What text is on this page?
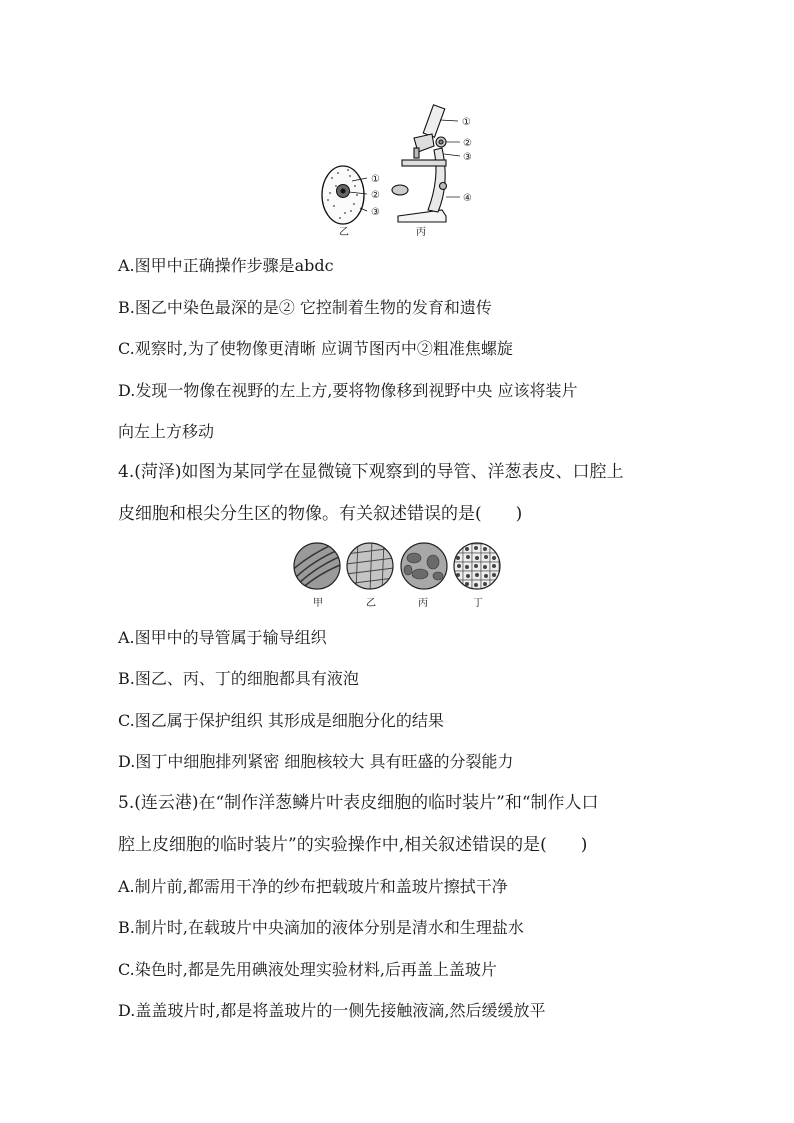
①
②
③
乙
①
②
③
④
丙
A.图甲中正确操作步骤是abdc
B.图乙中染色最深的是② 它控制着生物的发育和遗传
C.观察时,为了使物像更清晰 应调节图丙中②粗准焦螺旋
D.发现一物像在视野的左上方,要将物像移到视野中央 应该将装片
向左上方移动
4.(菏泽)如图为某同学在显微镜下观察到的导管、洋葱表皮、口腔上
皮细胞和根尖分生区的物像。有关叙述错误的是(　　)
甲	乙	丙	丁
A.图甲中的导管属于输导组织
B.图乙、丙、丁的细胞都具有液泡
C.图乙属于保护组织 其形成是细胞分化的结果
D.图丁中细胞排列紧密 细胞核较大 具有旺盛的分裂能力
5.(连云港)在“制作洋葱鳞片叶表皮细胞的临时装片”和“制作人口
腔上皮细胞的临时装片”的实验操作中,相关叙述错误的是(　　)
A.制片前,都需用干净的纱布把载玻片和盖玻片擦拭干净
B.制片时,在载玻片中央滴加的液体分别是清水和生理盐水
C.染色时,都是先用碘液处理实验材料,后再盖上盖玻片
D.盖盖玻片时,都是将盖玻片的一侧先接触液滴,然后缓缓放平
